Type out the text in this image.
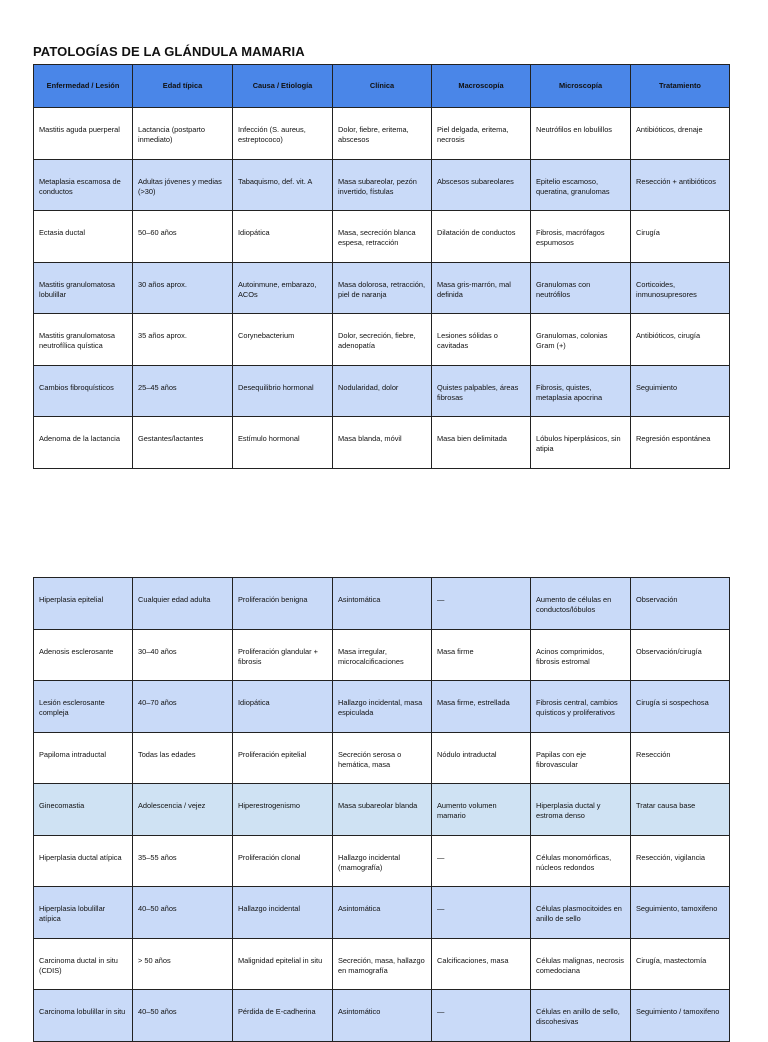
PATOLOGÍAS DE LA GLÁNDULA MAMARIA
Enfermedad / Lesión	Edad típica	Causa / Etiología	Clínica	Macroscopía	Microscopía	Tratamiento
Mastitis aguda puerperal	Lactancia (postparto inmediato)	Infección (S. aureus, estreptococo)	Dolor, fiebre, eritema, abscesos	Piel delgada, eritema, necrosis	Neutrófilos en lobulillos	Antibióticos, drenaje
Metaplasia escamosa de conductos	Adultas jóvenes y medias (>30)	Tabaquismo, def. vit. A	Masa subareolar, pezón invertido, fístulas	Abscesos subareolares	Epitelio escamoso, queratina, granulomas	Resección + antibióticos
Ectasia ductal	50–60 años	Idiopática	Masa, secreción blanca espesa, retracción	Dilatación de conductos	Fibrosis, macrófagos espumosos	Cirugía
Mastitis granulomatosa lobulillar	30 años aprox.	Autoinmune, embarazo, ACOs	Masa dolorosa, retracción, piel de naranja	Masa gris-marrón, mal definida	Granulomas con neutrófilos	Corticoides, inmunosupresores
Mastitis granulomatosa neutrofílica quística	35 años aprox.	Corynebacterium	Dolor, secreción, fiebre, adenopatía	Lesiones sólidas o cavitadas	Granulomas, colonias Gram (+)	Antibióticos, cirugía
Cambios fibroquísticos	25–45 años	Desequilibrio hormonal	Nodularidad, dolor	Quistes palpables, áreas fibrosas	Fibrosis, quistes, metaplasia apocrina	Seguimiento
Adenoma de la lactancia	Gestantes/lactantes	Estímulo hormonal	Masa blanda, móvil	Masa bien delimitada	Lóbulos hiperplásicos, sin atipia	Regresión espontánea
Hiperplasia epitelial	Cualquier edad adulta	Proliferación benigna	Asintomática	—	Aumento de células en conductos/lóbulos	Observación
Adenosis esclerosante	30–40 años	Proliferación glandular + fibrosis	Masa irregular, microcalcificaciones	Masa firme	Acinos comprimidos, fibrosis estromal	Observación/cirugía
Lesión esclerosante compleja	40–70 años	Idiopática	Hallazgo incidental, masa espiculada	Masa firme, estrellada	Fibrosis central, cambios quísticos y proliferativos	Cirugía si sospechosa
Papiloma intraductal	Todas las edades	Proliferación epitelial	Secreción serosa o hemática, masa	Nódulo intraductal	Papilas con eje fibrovascular	Resección
Ginecomastia	Adolescencia / vejez	Hiperestrogenismo	Masa subareolar blanda	Aumento volumen mamario	Hiperplasia ductal y estroma denso	Tratar causa base
Hiperplasia ductal atípica	35–55 años	Proliferación clonal	Hallazgo incidental (mamografía)	—	Células monomórficas, núcleos redondos	Resección, vigilancia
Hiperplasia lobulillar atípica	40–50 años	Hallazgo incidental	Asintomática	—	Células plasmocitoides en anillo de sello	Seguimiento, tamoxifeno
Carcinoma ductal in situ (CDIS)	> 50 años	Malignidad epitelial in situ	Secreción, masa, hallazgo en mamografía	Calcificaciones, masa	Células malignas, necrosis comedociana	Cirugía, mastectomía
Carcinoma lobulillar in situ	40–50 años	Pérdida de E-cadherina	Asintomático	—	Células en anillo de sello, discohesivas	Seguimiento / tamoxifeno
